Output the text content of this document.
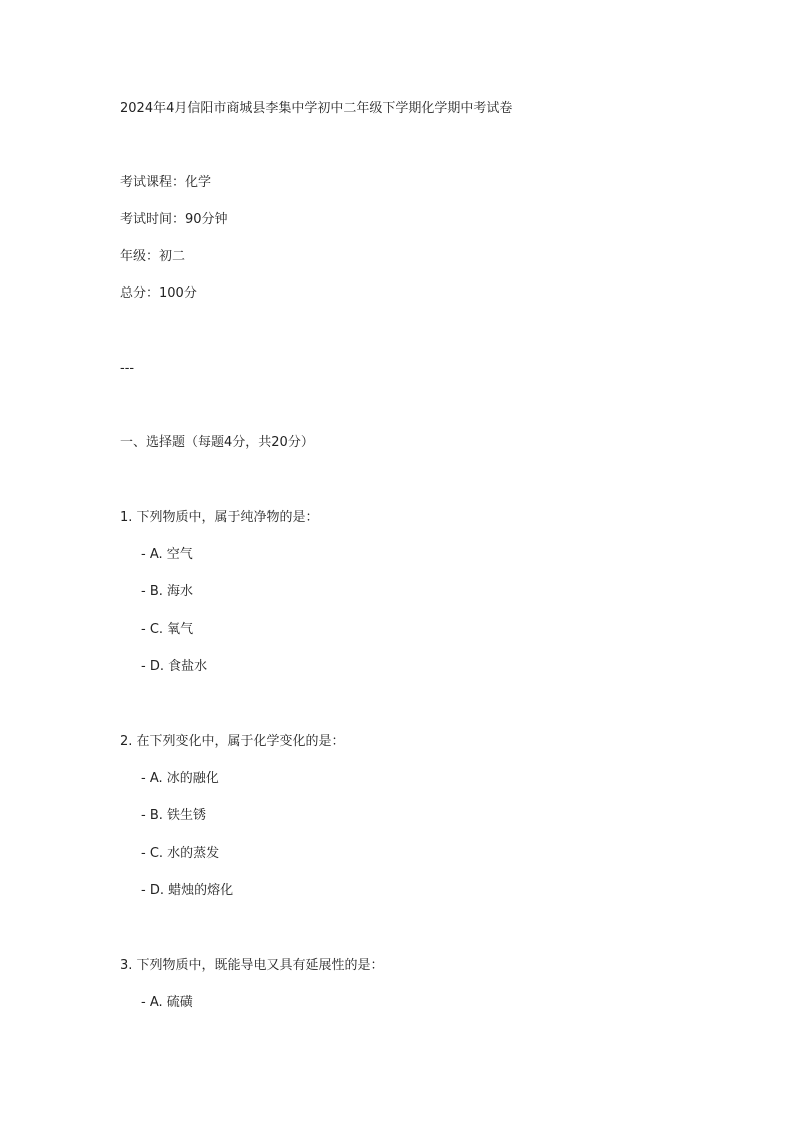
2024年4月信阳市商城县李集中学初中二年级下学期化学期中考试卷
考试课程：化学
考试时间：90分钟
年级：初二
总分：100分
---
一、选择题（每题4分，共20分）
1. 下列物质中，属于纯净物的是：
- A. 空气
- B. 海水
- C. 氧气
- D. 食盐水
2. 在下列变化中，属于化学变化的是：
- A. 冰的融化
- B. 铁生锈
- C. 水的蒸发
- D. 蜡烛的熔化
3. 下列物质中，既能导电又具有延展性的是：
- A. 硫磺
